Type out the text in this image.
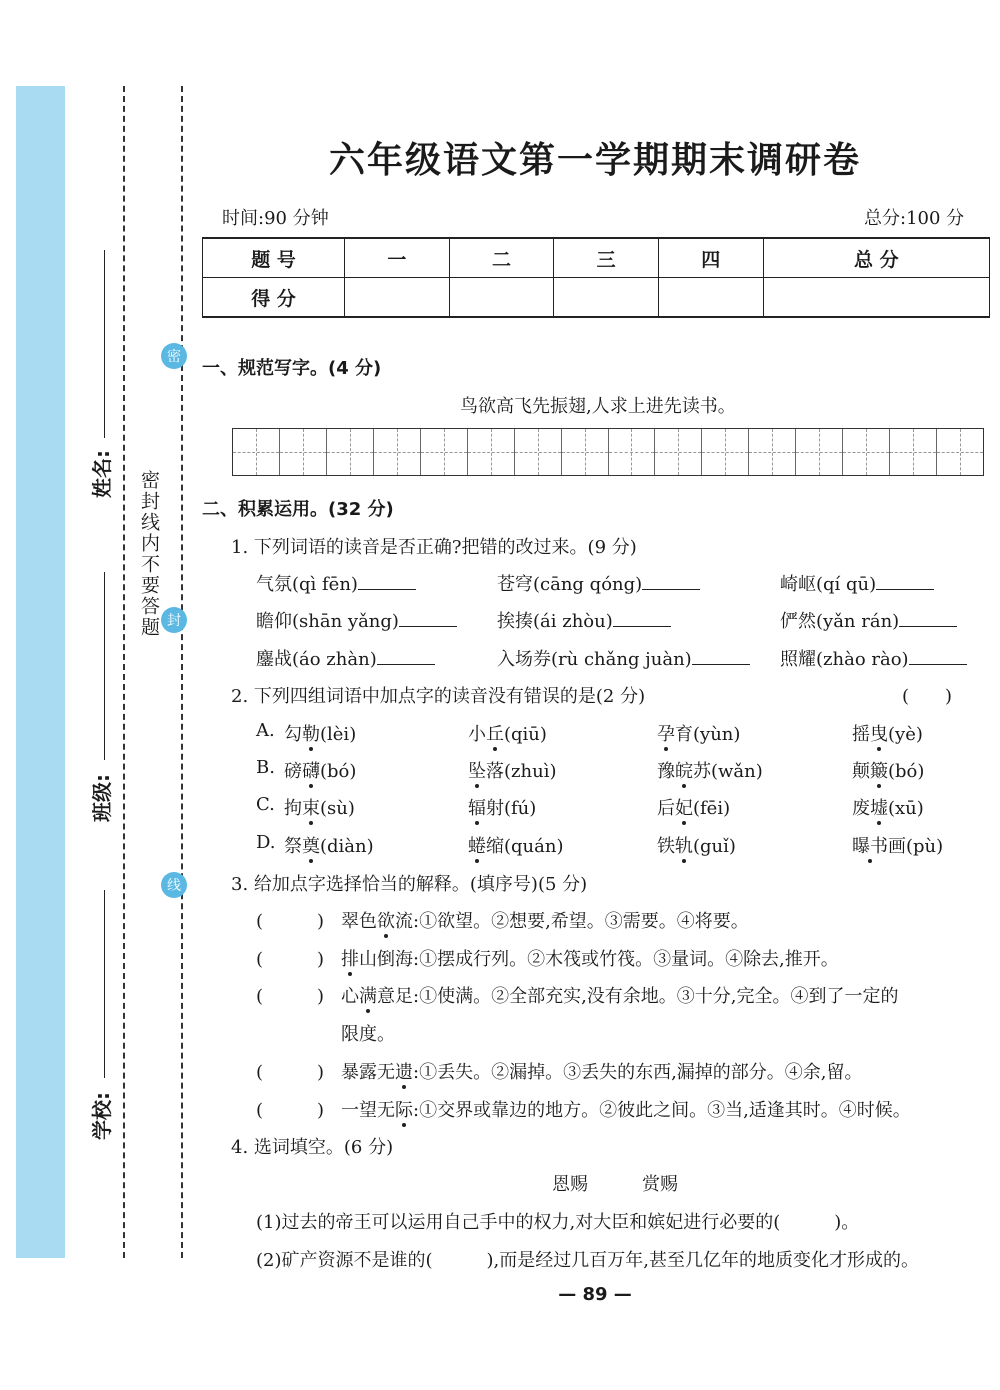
学校:
班级:
姓名: 密封线内不要答题
密
封
线
六年级语文第一学期期末调研卷
时间:90 分钟	总分:100 分
题 号	一	二	三	四	总 分
得 分					
一、规范写字。(4 分)
鸟欲高飞先振翅,人求上进先读书。
二、积累运用。(32 分)
1. 下列词语的读音是否正确?把错的改过来。(9 分)
气氛(qì fēn)	苍穹(cāng qóng)	崎岖(qí qū)
瞻仰(shān yǎng)	挨揍(ái zhòu)	俨然(yǎn rán)
鏖战(áo zhàn)	入场券(rù chǎng juàn)	照耀(zhào rào)
2. 下列四组词语中加点字的读音没有错误的是(2 分)	(　　)
A. 勾勒(lèi)	小丘(qiū)	孕育(yùn)	摇曳(yè)
B. 磅礴(bó)	坠落(zhuì)	豫皖苏(wǎn)	颠簸(bó)
C. 拘束(sù)	辐射(fú)	后妃(fēi)	废墟(xū)
D. 祭奠(diàn)	蜷缩(quán)	铁轨(guǐ)	曝书画(pù)
3. 给加点字选择恰当的解释。(填序号)(5 分)
(　　　) 翠色欲流:①欲望。②想要,希望。③需要。④将要。
(　　　) 排山倒海:①摆成行列。②木筏或竹筏。③量词。④除去,推开。
(　　　) 心满意足:①使满。②全部充实,没有余地。③十分,完全。④到了一定的
(　　　) 暴露无遗:①丢失。②漏掉。③丢失的东西,漏掉的部分。④余,留。
(　　　) 一望无际:①交界或靠边的地方。②彼此之间。③当,适逢其时。④时候。
限度。
4. 选词填空。(6 分)
恩赐　　　赏赐
(1)过去的帝王可以运用自己手中的权力,对大臣和嫔妃进行必要的(　　　)。
(2)矿产资源不是谁的(　　　),而是经过几百万年,甚至几亿年的地质变化才形成的。
— 89 —
